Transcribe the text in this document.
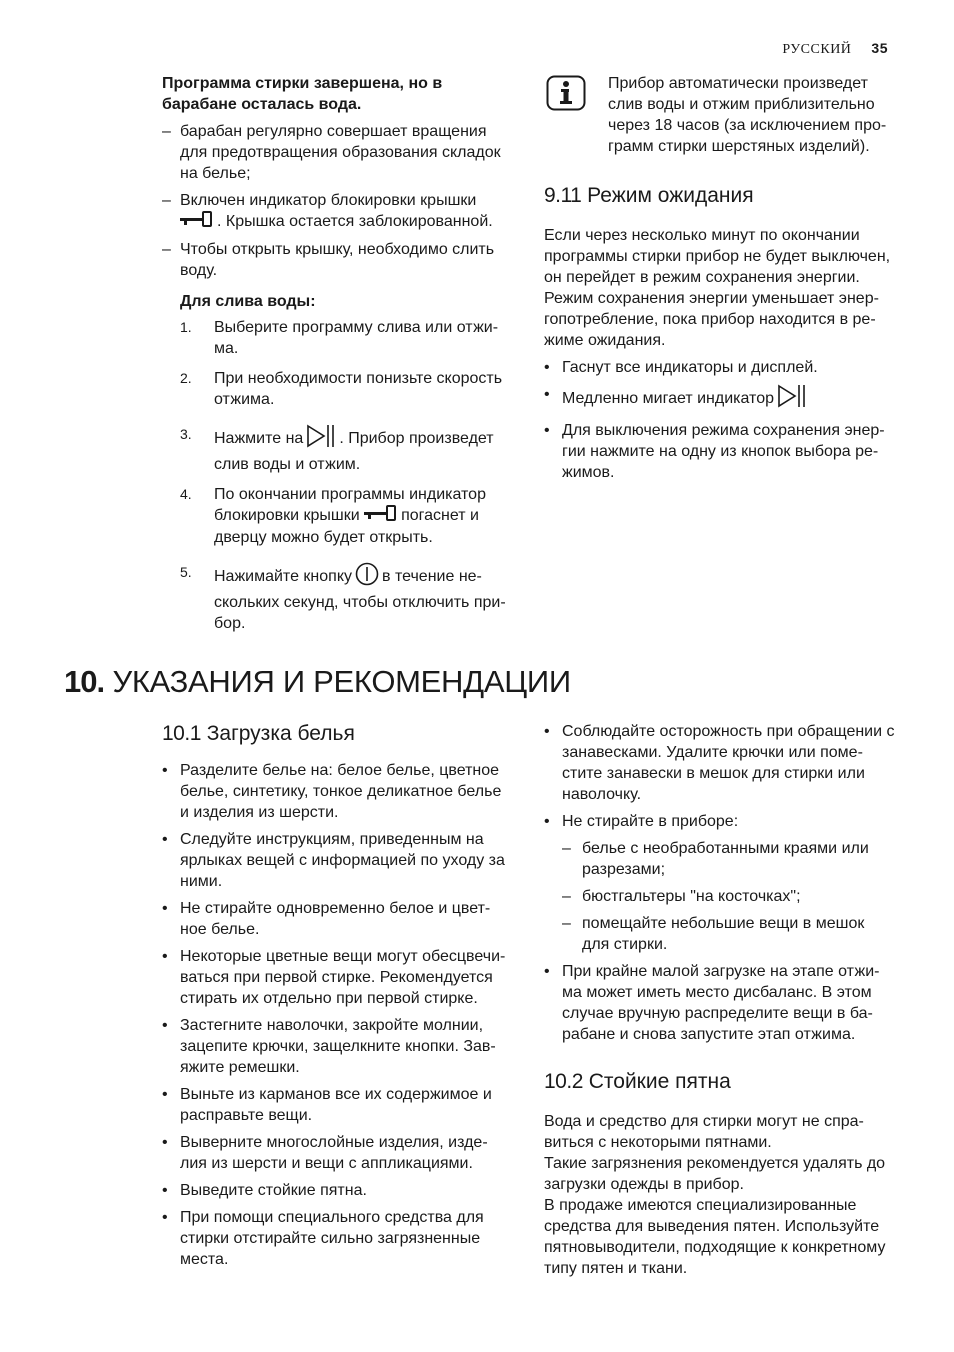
РУССКИЙ 35

Программа стирки завершена, но в барабане осталась вода.

– барабан регулярно совершает вращения для предотвращения образования складок на белье;
– Включен индикатор блокировки крышки
. Крышка остается заблокированной.
– Чтобы открыть крышку, необходимо слить воду.

Для слива воды:

1. Выберите программу слива или отжи-ма.
2. При необходимости понизьте скорость отжима.
3. Нажмите на . Прибор произведет слив воды и отжим.
4. По окончании программы индикатор блокировки крышки	погаснет и дверцу можно будет открыть.
5. Нажимайте кнопку в течение не-скольких секунд, чтобы отключить при-бор.

Прибор автоматически произведет слив воды и отжим приблизительно через 18 часов (за исключением про-грамм стирки шерстяных изделий).

9.11 Режим ожидания

Если через несколько минут по окончании программы стирки прибор не будет выключен, он перейдет в режим сохранения энергии. Режим сохранения энергии уменьшает энер-гопотребление, пока прибор находится в ре-жиме ожидания.

• Гаснут все индикаторы и дисплей.
• Медленно мигает индикатор
• Для выключения режима сохранения энер-гии нажмите на одну из кнопок выбора ре-жимов.
10. УКАЗАНИЯ И РЕКОМЕНДАЦИИ
10.1 Загрузка белья
• Разделите белье на: белое белье, цветное белье, синтетику, тонкое деликатное белье и изделия из шерсти.
• Следуйте инструкциям, приведенным на ярлыках вещей с информацией по уходу за ними.
• Не стирайте одновременно белое и цвет-ное белье.
• Некоторые цветные вещи могут обесцвечи-ваться при первой стирке. Рекомендуется стирать их отдельно при первой стирке.
• Застегните наволочки, закройте молнии, зацепите крючки, защелкните кнопки. Зав-яжите ремешки.
• Выньте из карманов все их содержимое и расправьте вещи.
• Выверните многослойные изделия, изде-лия из шерсти и вещи с аппликациями.
• Выведите стойкие пятна.
• При помощи специального средства для стирки отстирайте сильно загрязненные места.
• Соблюдайте осторожность при обращении с занавесками. Удалите крючки или поме-стите занавески в мешок для стирки или наволочку.
• Не стирайте в приборе:
– белье с необработанными краями или разрезами;
– бюстгальтеры "на косточках";
– помещайте небольшие вещи в мешок для стирки.
• При крайне малой загрузке на этапе отжи-ма может иметь место дисбаланс. В этом случае вручную распределите вещи в ба-рабане и снова запустите этап отжима.
10.2 Стойкие пятна

Вода и средство для стирки могут не спра-виться с некоторыми пятнами.

Такие загрязнения рекомендуется удалять до загрузки одежды в прибор.

В продаже имеются специализированные средства для выведения пятен. Используйте пятновыводители, подходящие к конкретному типу пятен и ткани.
